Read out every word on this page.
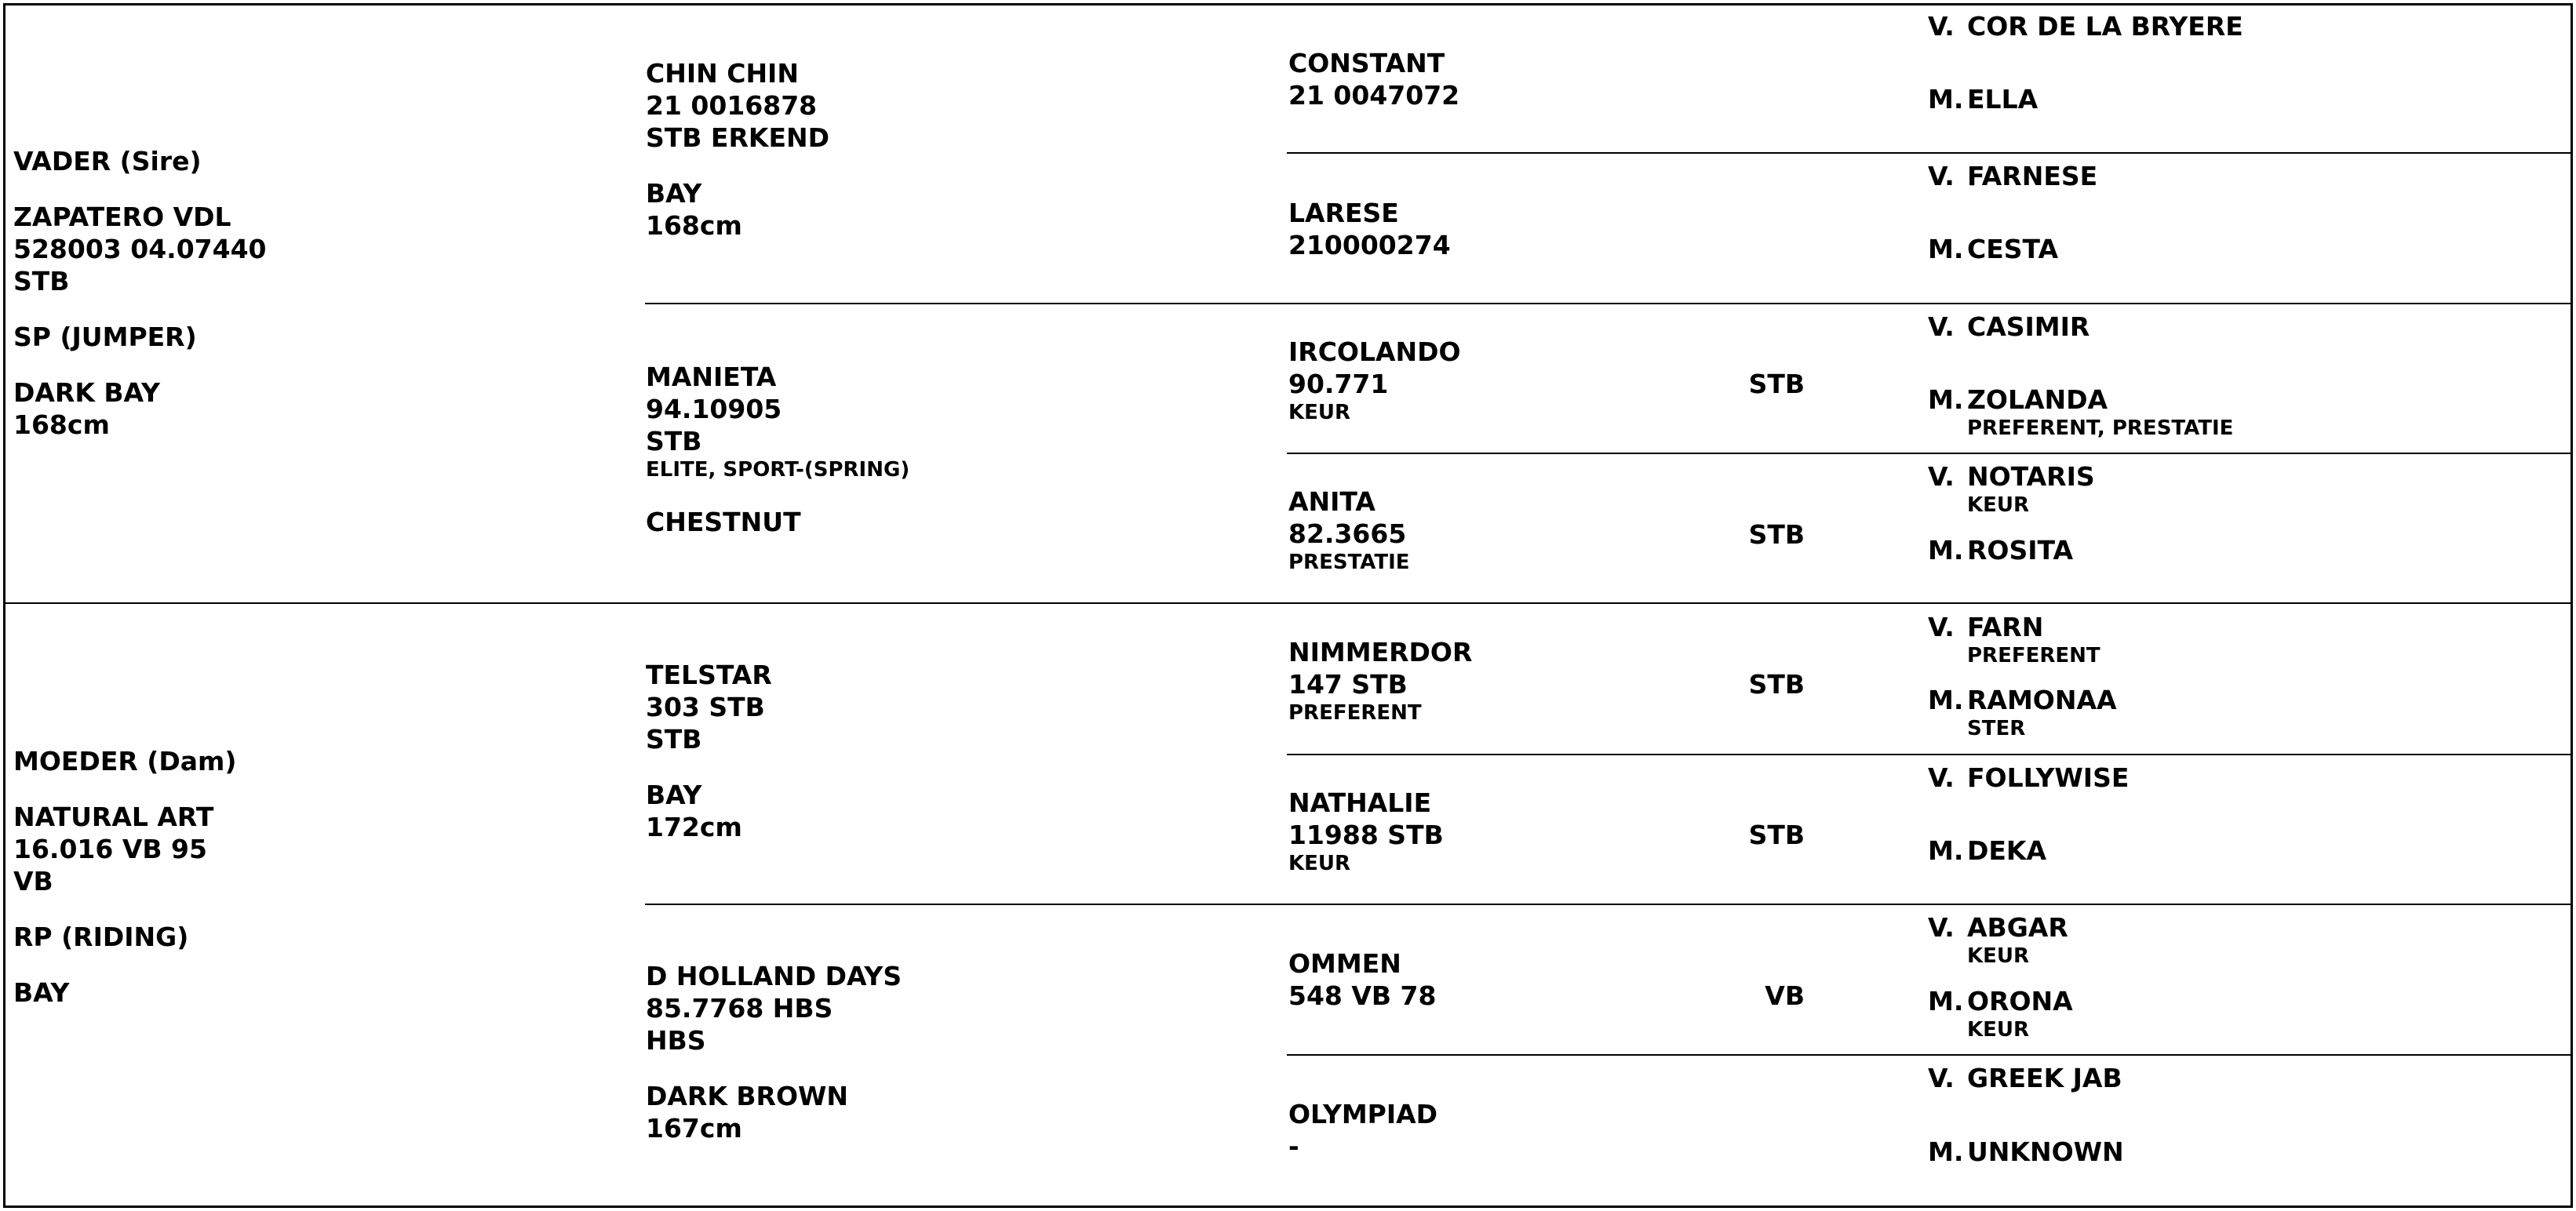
VADER (Sire)
ZAPATERO VDL
528003 04.07440
STB
SP (JUMPER)
DARK BAY
168cm
MOEDER (Dam)
NATURAL ART
16.016 VB 95
VB
RP (RIDING)
BAY
CHIN CHIN
21 0016878
STB ERKEND
BAY
168cm
MANIETA
94.10905
STB
ELITE, SPORT-(SPRING)
CHESTNUT
TELSTAR
303 STB
STB
BAY
172cm
D HOLLAND DAYS
85.7768 HBS
HBS
DARK BROWN
167cm
CONSTANT
21 0047072
LARESE
210000274
IRCOLANDO
90.771
KEUR
ANITA
82.3665
PRESTATIE
NIMMERDOR
147 STB
PREFERENT
NATHALIE
11988 STB
KEUR
OMMEN
548 VB 78
OLYMPIAD
-
STB
STB
STB
STB
VB
V. COR DE LA BRYERE
M. ELLA
V. FARNESE
M. CESTA
V. CASIMIR
M. ZOLANDA
PREFERENT, PRESTATIE
V. NOTARIS
KEUR
M. ROSITA
V. FARN
PREFERENT
M. RAMONAA
STER
V. FOLLYWISE
M. DEKA
V. ABGAR
KEUR
M. ORONA
KEUR
V. GREEK JAB
M. UNKNOWN
